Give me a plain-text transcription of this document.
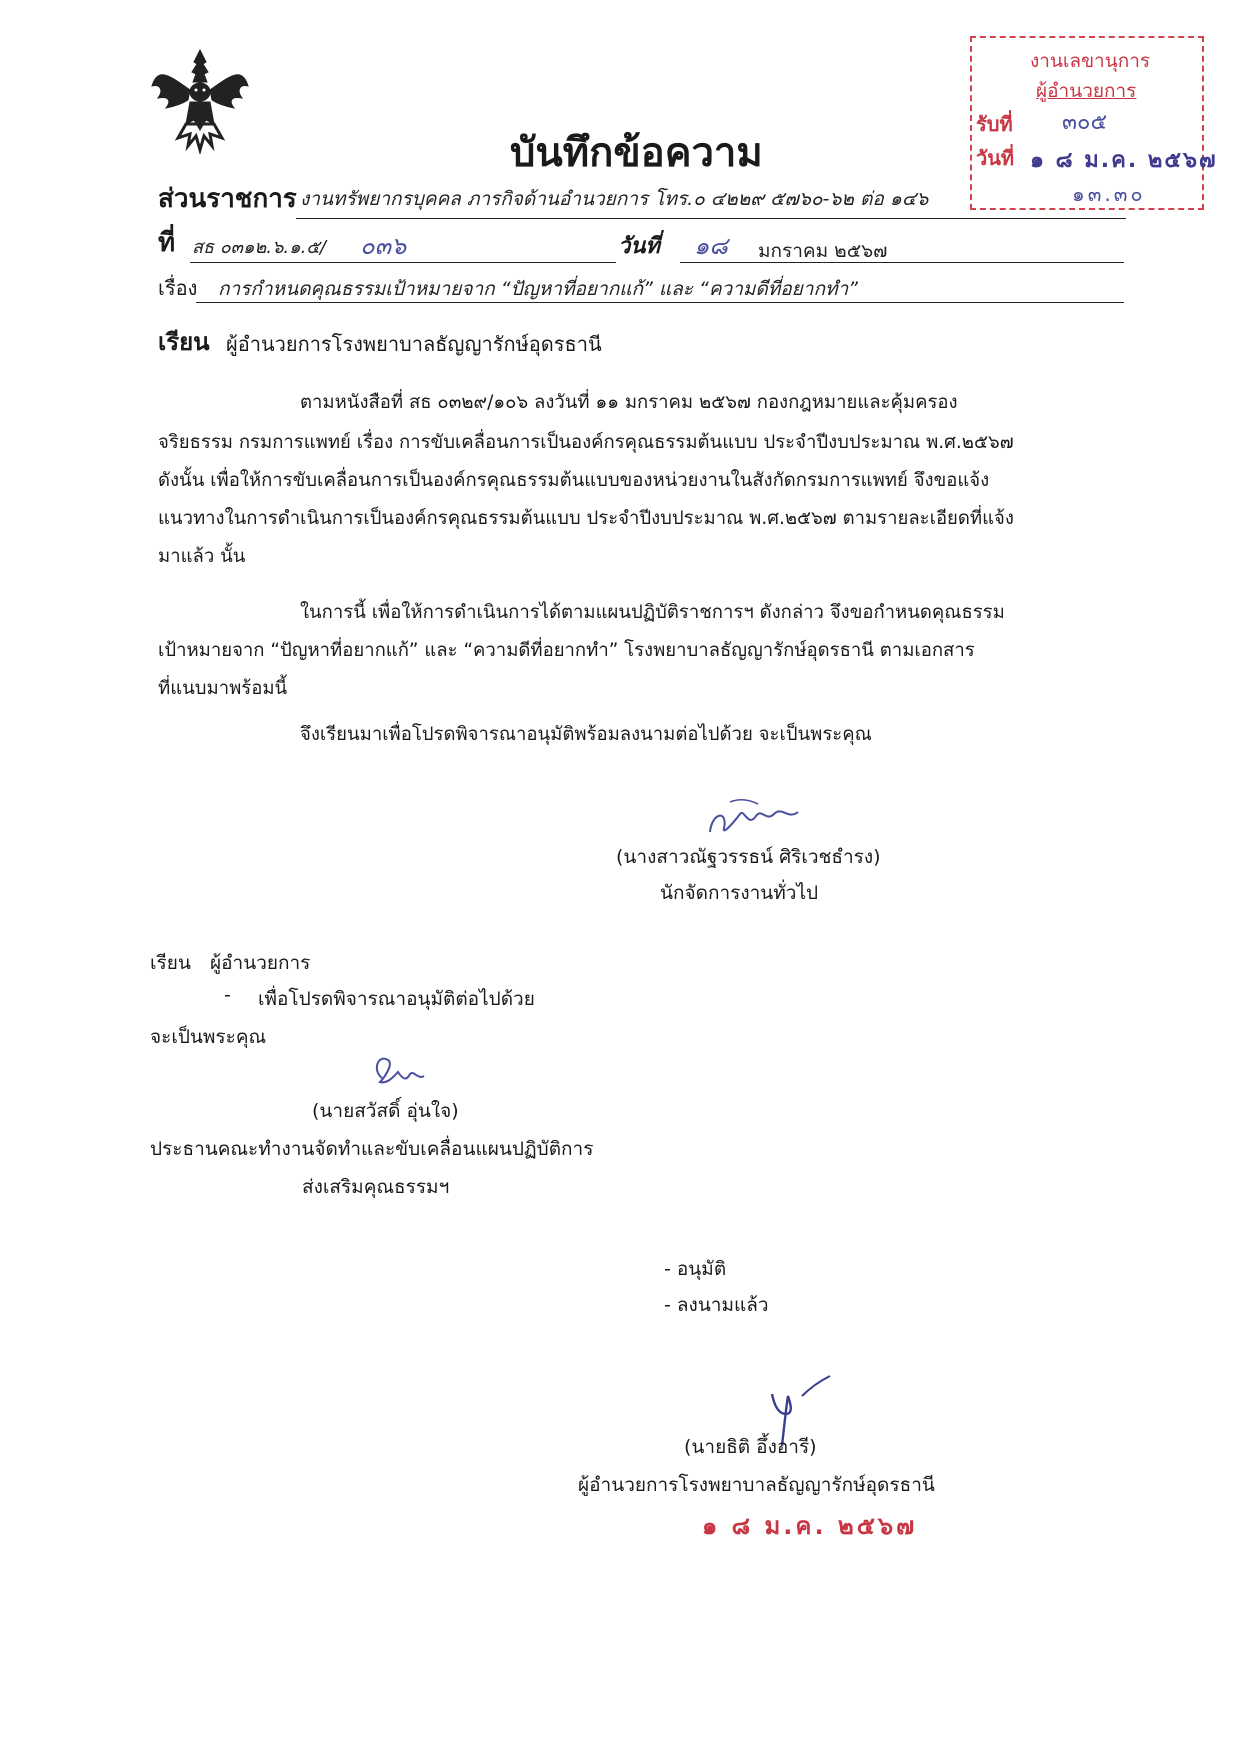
บันทึกข้อความ
งานเลขานุการ
ผู้อำนวยการ
รับที่ ๓๐๕
วันที่ ๑ ๘ ม.ค. ๒๕๖๗
๑๓.๓๐
ส่วนราชการ งานทรัพยากรบุคคล ภารกิจด้านอำนวยการ โทร.๐ ๔๒๒๙ ๕๗๖๐-๖๒ ต่อ ๑๔๖
ที่ สธ ๐๓๑๒.๖.๑.๕/ ๐๓๖	วันที่ ๑๘ มกราคม ๒๕๖๗
เรื่อง การกำหนดคุณธรรมเป้าหมายจาก “ปัญหาที่อยากแก้” และ “ความดีที่อยากทำ”
เรียน ผู้อำนวยการโรงพยาบาลธัญญารักษ์อุดรธานี
ตามหนังสือที่ สธ ๐๓๒๙/๑๐๖ ลงวันที่ ๑๑ มกราคม ๒๕๖๗ กองกฎหมายและคุ้มครอง
จริยธรรม กรมการแพทย์ เรื่อง การขับเคลื่อนการเป็นองค์กรคุณธรรมต้นแบบ ประจำปีงบประมาณ พ.ศ.๒๕๖๗
ดังนั้น เพื่อให้การขับเคลื่อนการเป็นองค์กรคุณธรรมต้นแบบของหน่วยงานในสังกัดกรมการแพทย์ จึงขอแจ้ง
แนวทางในการดำเนินการเป็นองค์กรคุณธรรมต้นแบบ ประจำปีงบประมาณ พ.ศ.๒๕๖๗ ตามรายละเอียดที่แจ้ง
มาแล้ว นั้น
ในการนี้ เพื่อให้การดำเนินการได้ตามแผนปฏิบัติราชการฯ ดังกล่าว จึงขอกำหนดคุณธรรม
เป้าหมายจาก “ปัญหาที่อยากแก้” และ “ความดีที่อยากทำ” โรงพยาบาลธัญญารักษ์อุดรธานี ตามเอกสาร
ที่แนบมาพร้อมนี้
จึงเรียนมาเพื่อโปรดพิจารณาอนุมัติพร้อมลงนามต่อไปด้วย จะเป็นพระคุณ
(นางสาวณัฐวรรธน์ ศิริเวชธำรง)
นักจัดการงานทั่วไป
เรียน ผู้อำนวยการ
- เพื่อโปรดพิจารณาอนุมัติต่อไปด้วย
จะเป็นพระคุณ
(นายสวัสดิ์ อุ่นใจ)
ประธานคณะทำงานจัดทำและขับเคลื่อนแผนปฏิบัติการ
ส่งเสริมคุณธรรมฯ
- อนุมัติ
- ลงนามแล้ว
(นายธิติ อึ้งอารี)
ผู้อำนวยการโรงพยาบาลธัญญารักษ์อุดรธานี
๑ ๘ ม.ค. ๒๕๖๗
